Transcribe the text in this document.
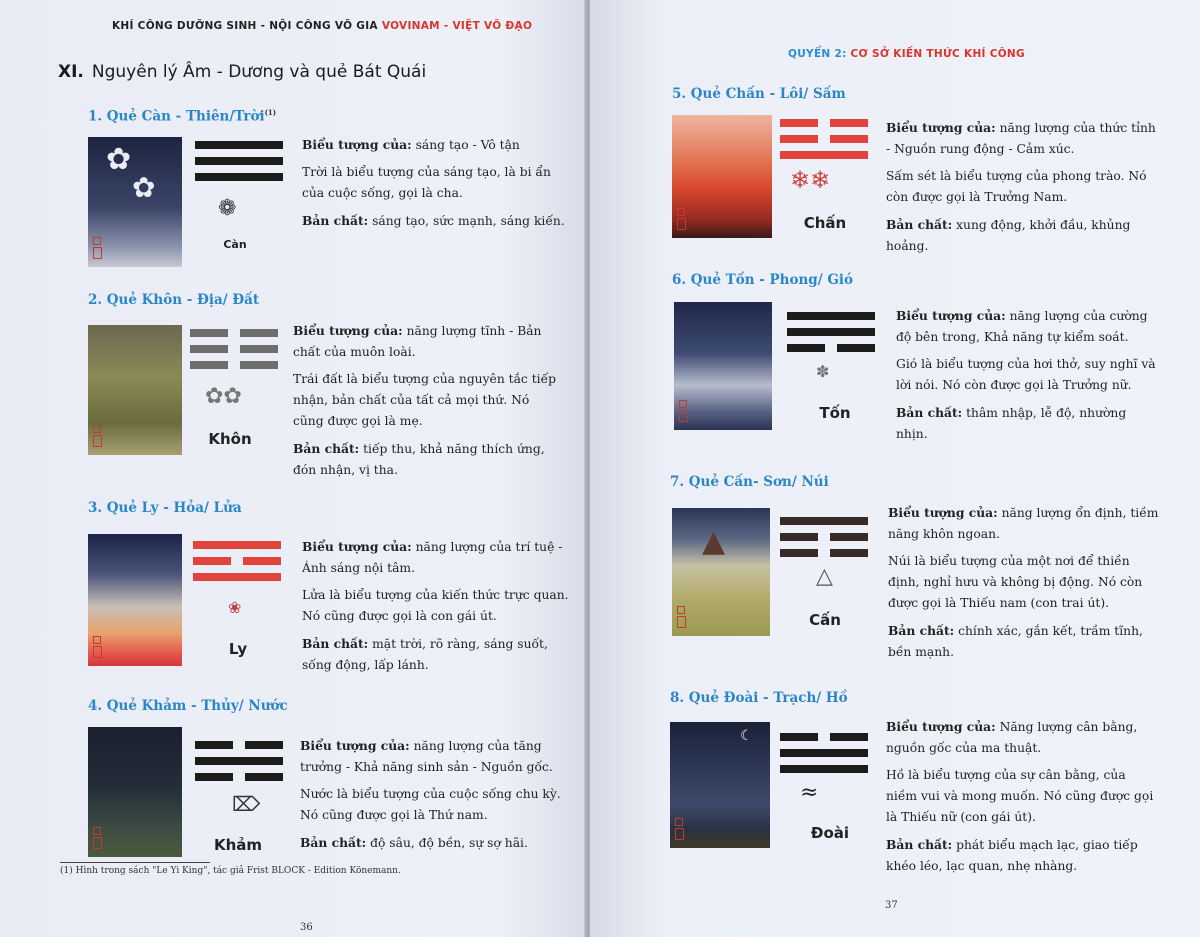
KHÍ CÔNG DƯỠNG SINH - NỘI CÔNG VÕ GIA VOVINAM - VIỆT VÕ ĐẠO
XI. Nguyên lý Âm - Dương và quẻ Bát Quái
1. Quẻ Càn - Thiên/Trời$^{(1)}$
✿
✿
❁
Càn

Biểu tượng của: sáng tạo - Vô tận

Trời là biểu tượng của sáng tạo, là bi ẩn của cuộc sống, gọi là cha.

Bản chất: sáng tạo, sức mạnh, sáng kiến.

2. Quẻ Khôn - Địa/ Đất
✿✿
Khôn

Biểu tượng của: năng lượng tĩnh - Bản chất của muôn loài.

Trái đất là biểu tượng của nguyên tắc tiếp nhận, bản chất của tất cả mọi thứ. Nó cũng được gọi là mẹ.

Bản chất: tiếp thu, khả năng thích ứng, đón nhận, vị tha.

3. Quẻ Ly - Hỏa/ Lửa
❀
Ly

Biểu tượng của: năng lượng của trí tuệ - Ánh sáng nội tâm.

Lửa là biểu tượng của kiến thức trực quan. Nó cũng được gọi là con gái út.

Bản chất: mặt trời, rõ ràng, sáng suốt, sống động, lấp lánh.

4. Quẻ Khảm - Thủy/ Nước
⌦
Khảm

Biểu tượng của: năng lượng của tăng trưởng - Khả năng sinh sản - Nguồn gốc.

Nước là biểu tượng của cuộc sống chu kỳ. Nó cũng được gọi là Thứ nam.

Bản chất: độ sâu, độ bền, sự sợ hãi.

(1) Hình trong sách "Le Yi King", tác giả Frist BLOCK - Edition Könemann.
36
QUYỂN 2: CƠ SỞ KIẾN THỨC KHÍ CÔNG
5. Quẻ Chấn - Lôi/ Sấm
❄❄
Chấn

Biểu tượng của: năng lượng của thức tỉnh - Nguồn rung động - Cảm xúc.

Sấm sét là biểu tượng của phong trào. Nó còn được gọi là Trưởng Nam.

Bản chất: xung động, khởi đầu, khủng hoảng.

6. Quẻ Tốn - Phong/ Gió
✽
Tốn

Biểu tượng của: năng lượng của cường độ bên trong, Khả năng tự kiểm soát.

Gió là biểu tượng của hơi thở, suy nghĩ và lời nói. Nó còn được gọi là Trưởng nữ.

Bản chất: thâm nhập, lễ độ, nhường nhịn.

7. Quẻ Cấn- Sơn/ Núi
▲
△
Cấn

Biểu tượng của: năng lượng ổn định, tiềm năng khôn ngoan.

Núi là biểu tượng của một nơi để thiền định, nghỉ hưu và không bị động. Nó còn được gọi là Thiếu nam (con trai út).

Bản chất: chính xác, gắn kết, trầm tĩnh, bền mạnh.

8. Quẻ Đoài - Trạch/ Hồ
☾
≈
Đoài

Biểu tượng của: Năng lượng cân bằng, nguồn gốc của ma thuật.

Hồ là biểu tượng của sự cân bằng, của niềm vui và mong muốn. Nó cũng được gọi là Thiếu nữ (con gái út).

Bản chất: phát biểu mạch lạc, giao tiếp khéo léo, lạc quan, nhẹ nhàng.

37
